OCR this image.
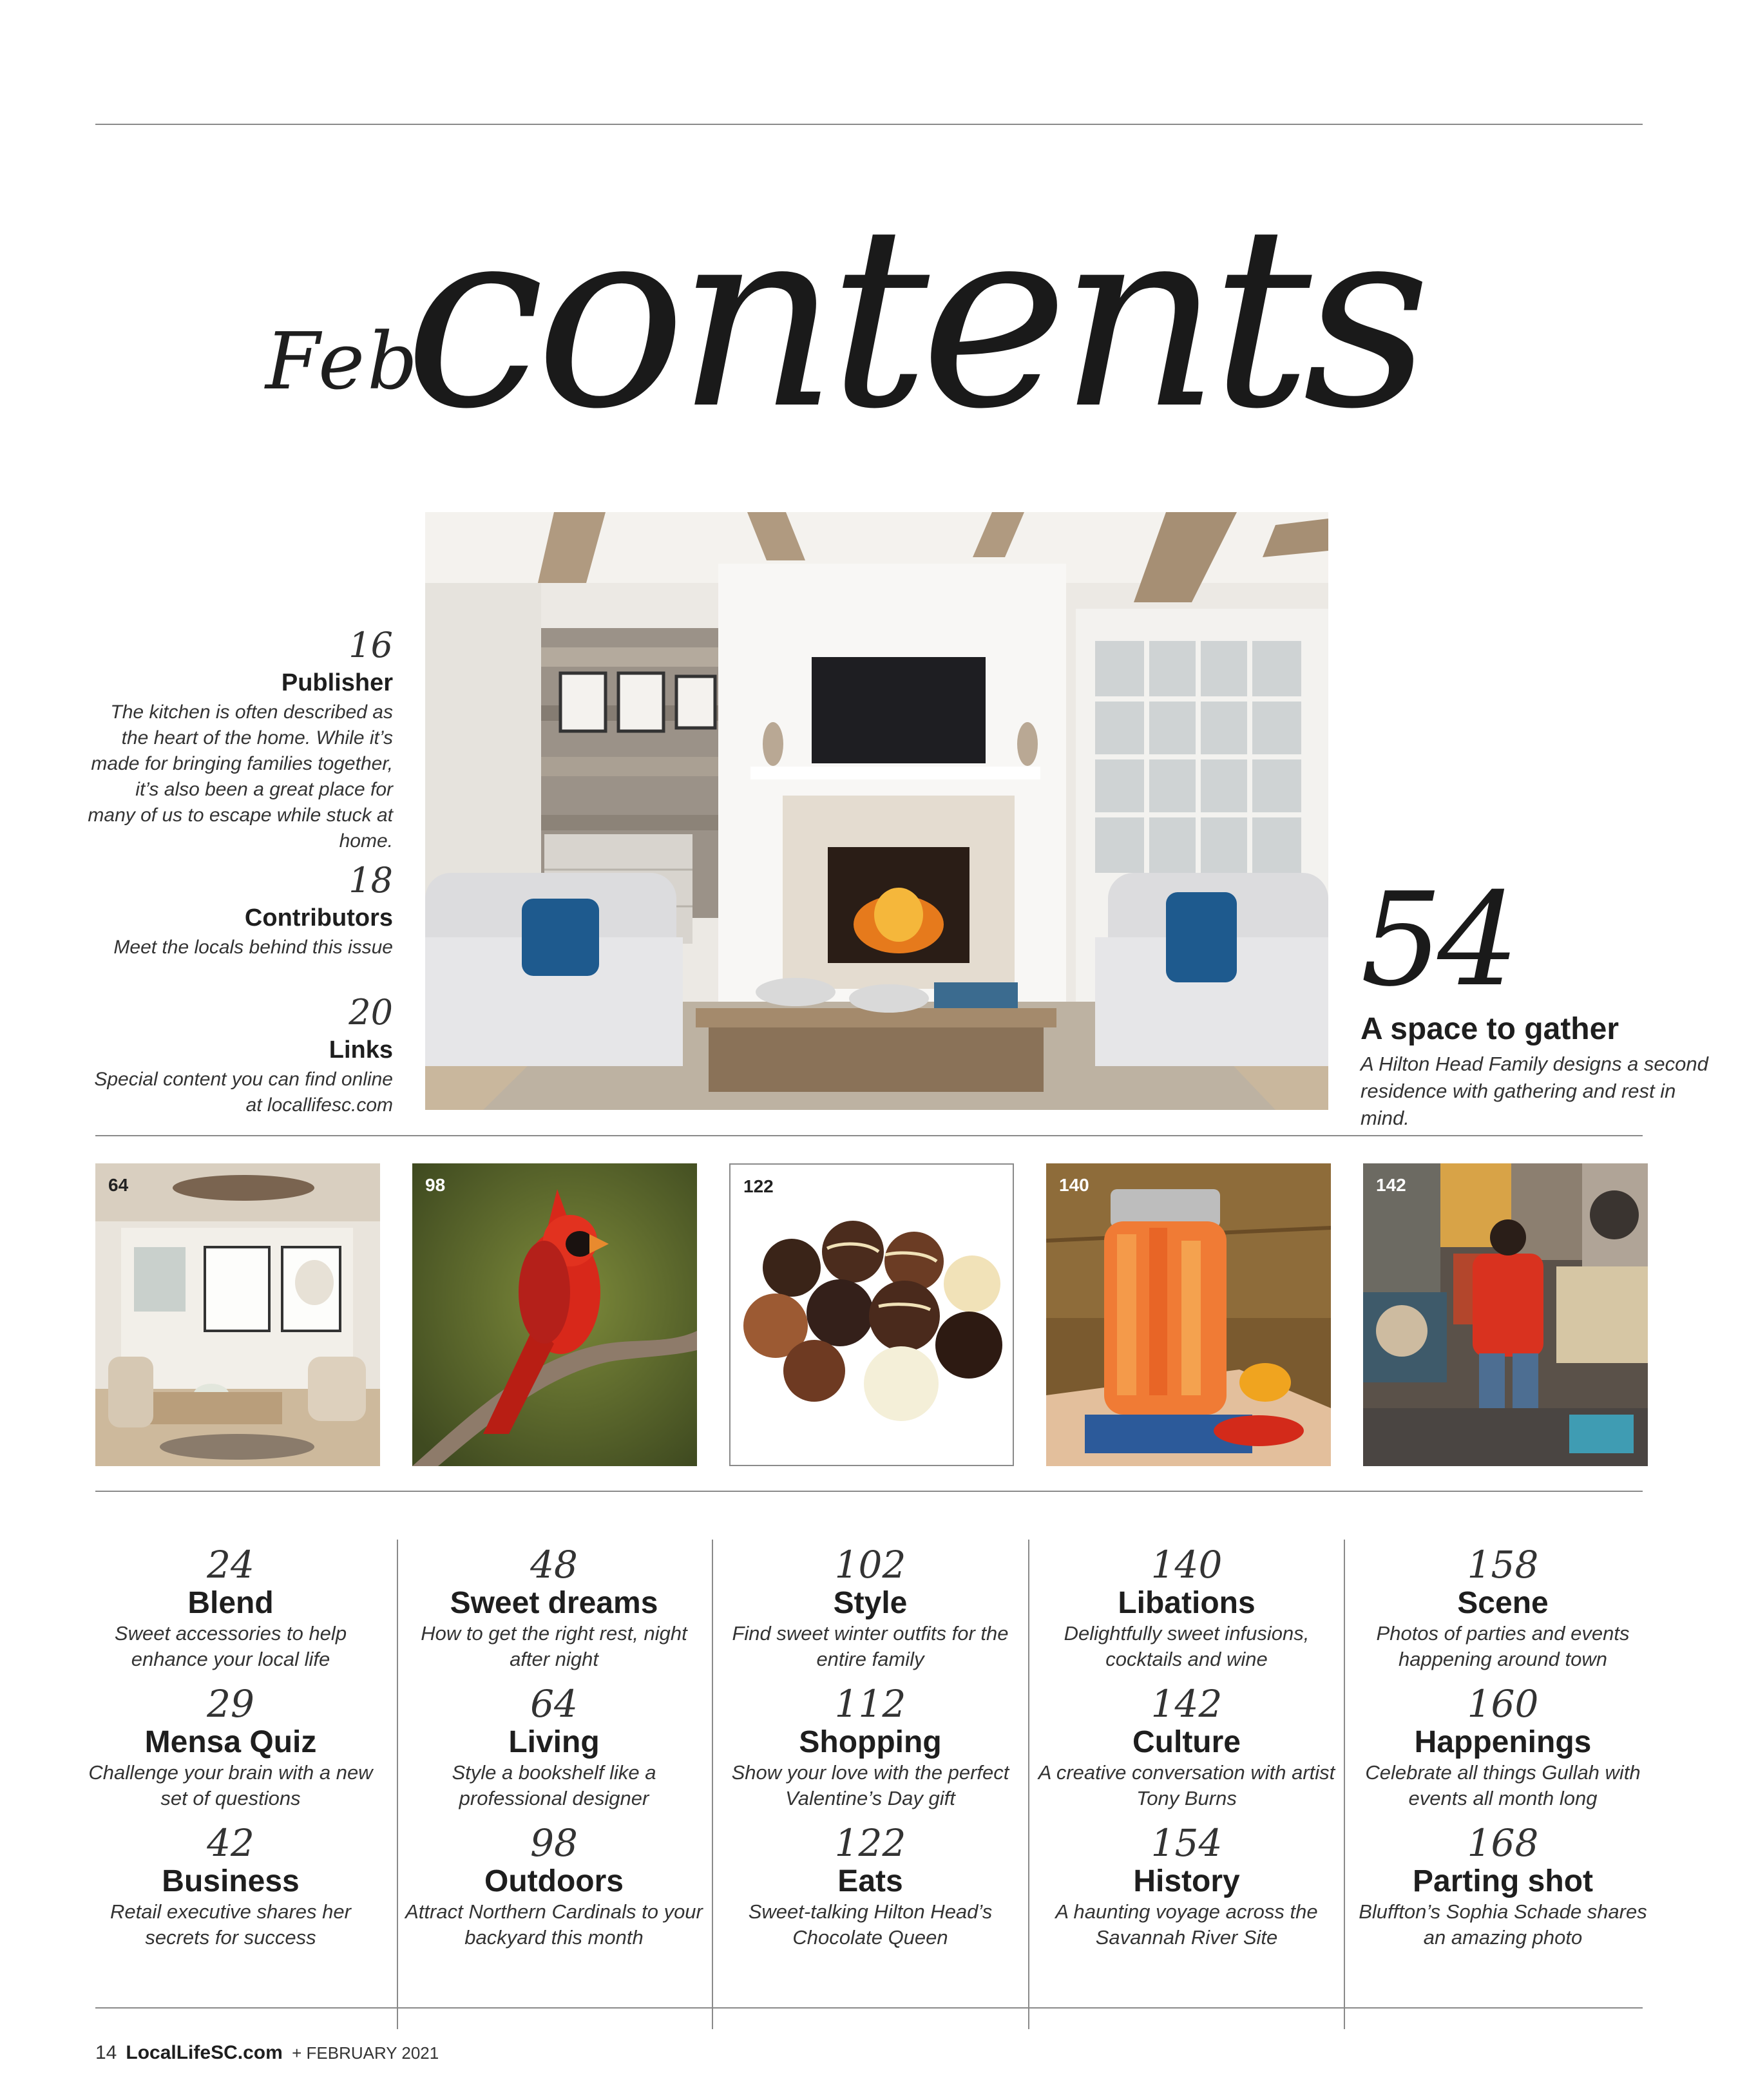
Feb
contents
16
Publisher
The kitchen is often described as the heart of the home. While it’s made for bringing families together, it’s also been a great place for many of us to escape while stuck at home.
18
Contributors
Meet the locals behind this issue
20
Links
Special content you can find online at locallifesc.com
54
A space to gather
A Hilton Head Family designs a second residence with gathering and rest in mind.
64	98	122	140	142
24
Blend
Sweet accessories to help enhance your local life
29
Mensa Quiz
Challenge your brain with a new set of questions
42
Business
Retail executive shares her secrets for success
48
Sweet dreams
How to get the right rest, night after night
64
Living
Style a bookshelf like a professional designer
98
Outdoors
Attract Northern Cardinals to your backyard this month
102
Style
Find sweet winter outfits for the entire family
112
Shopping
Show your love with the perfect Valentine’s Day gift
122
Eats
Sweet-talking Hilton Head’s Chocolate Queen
140
Libations
Delightfully sweet infusions, cocktails and wine
142
Culture
A creative conversation with artist Tony Burns
154
History
A haunting voyage across the Savannah River Site
158
Scene
Photos of parties and events happening around town
160
Happenings
Celebrate all things Gullah with events all month long
168
Parting shot
Bluffton’s Sophia Schade shares an amazing photo
14 LocalLifeSC.com + FEBRUARY 2021
